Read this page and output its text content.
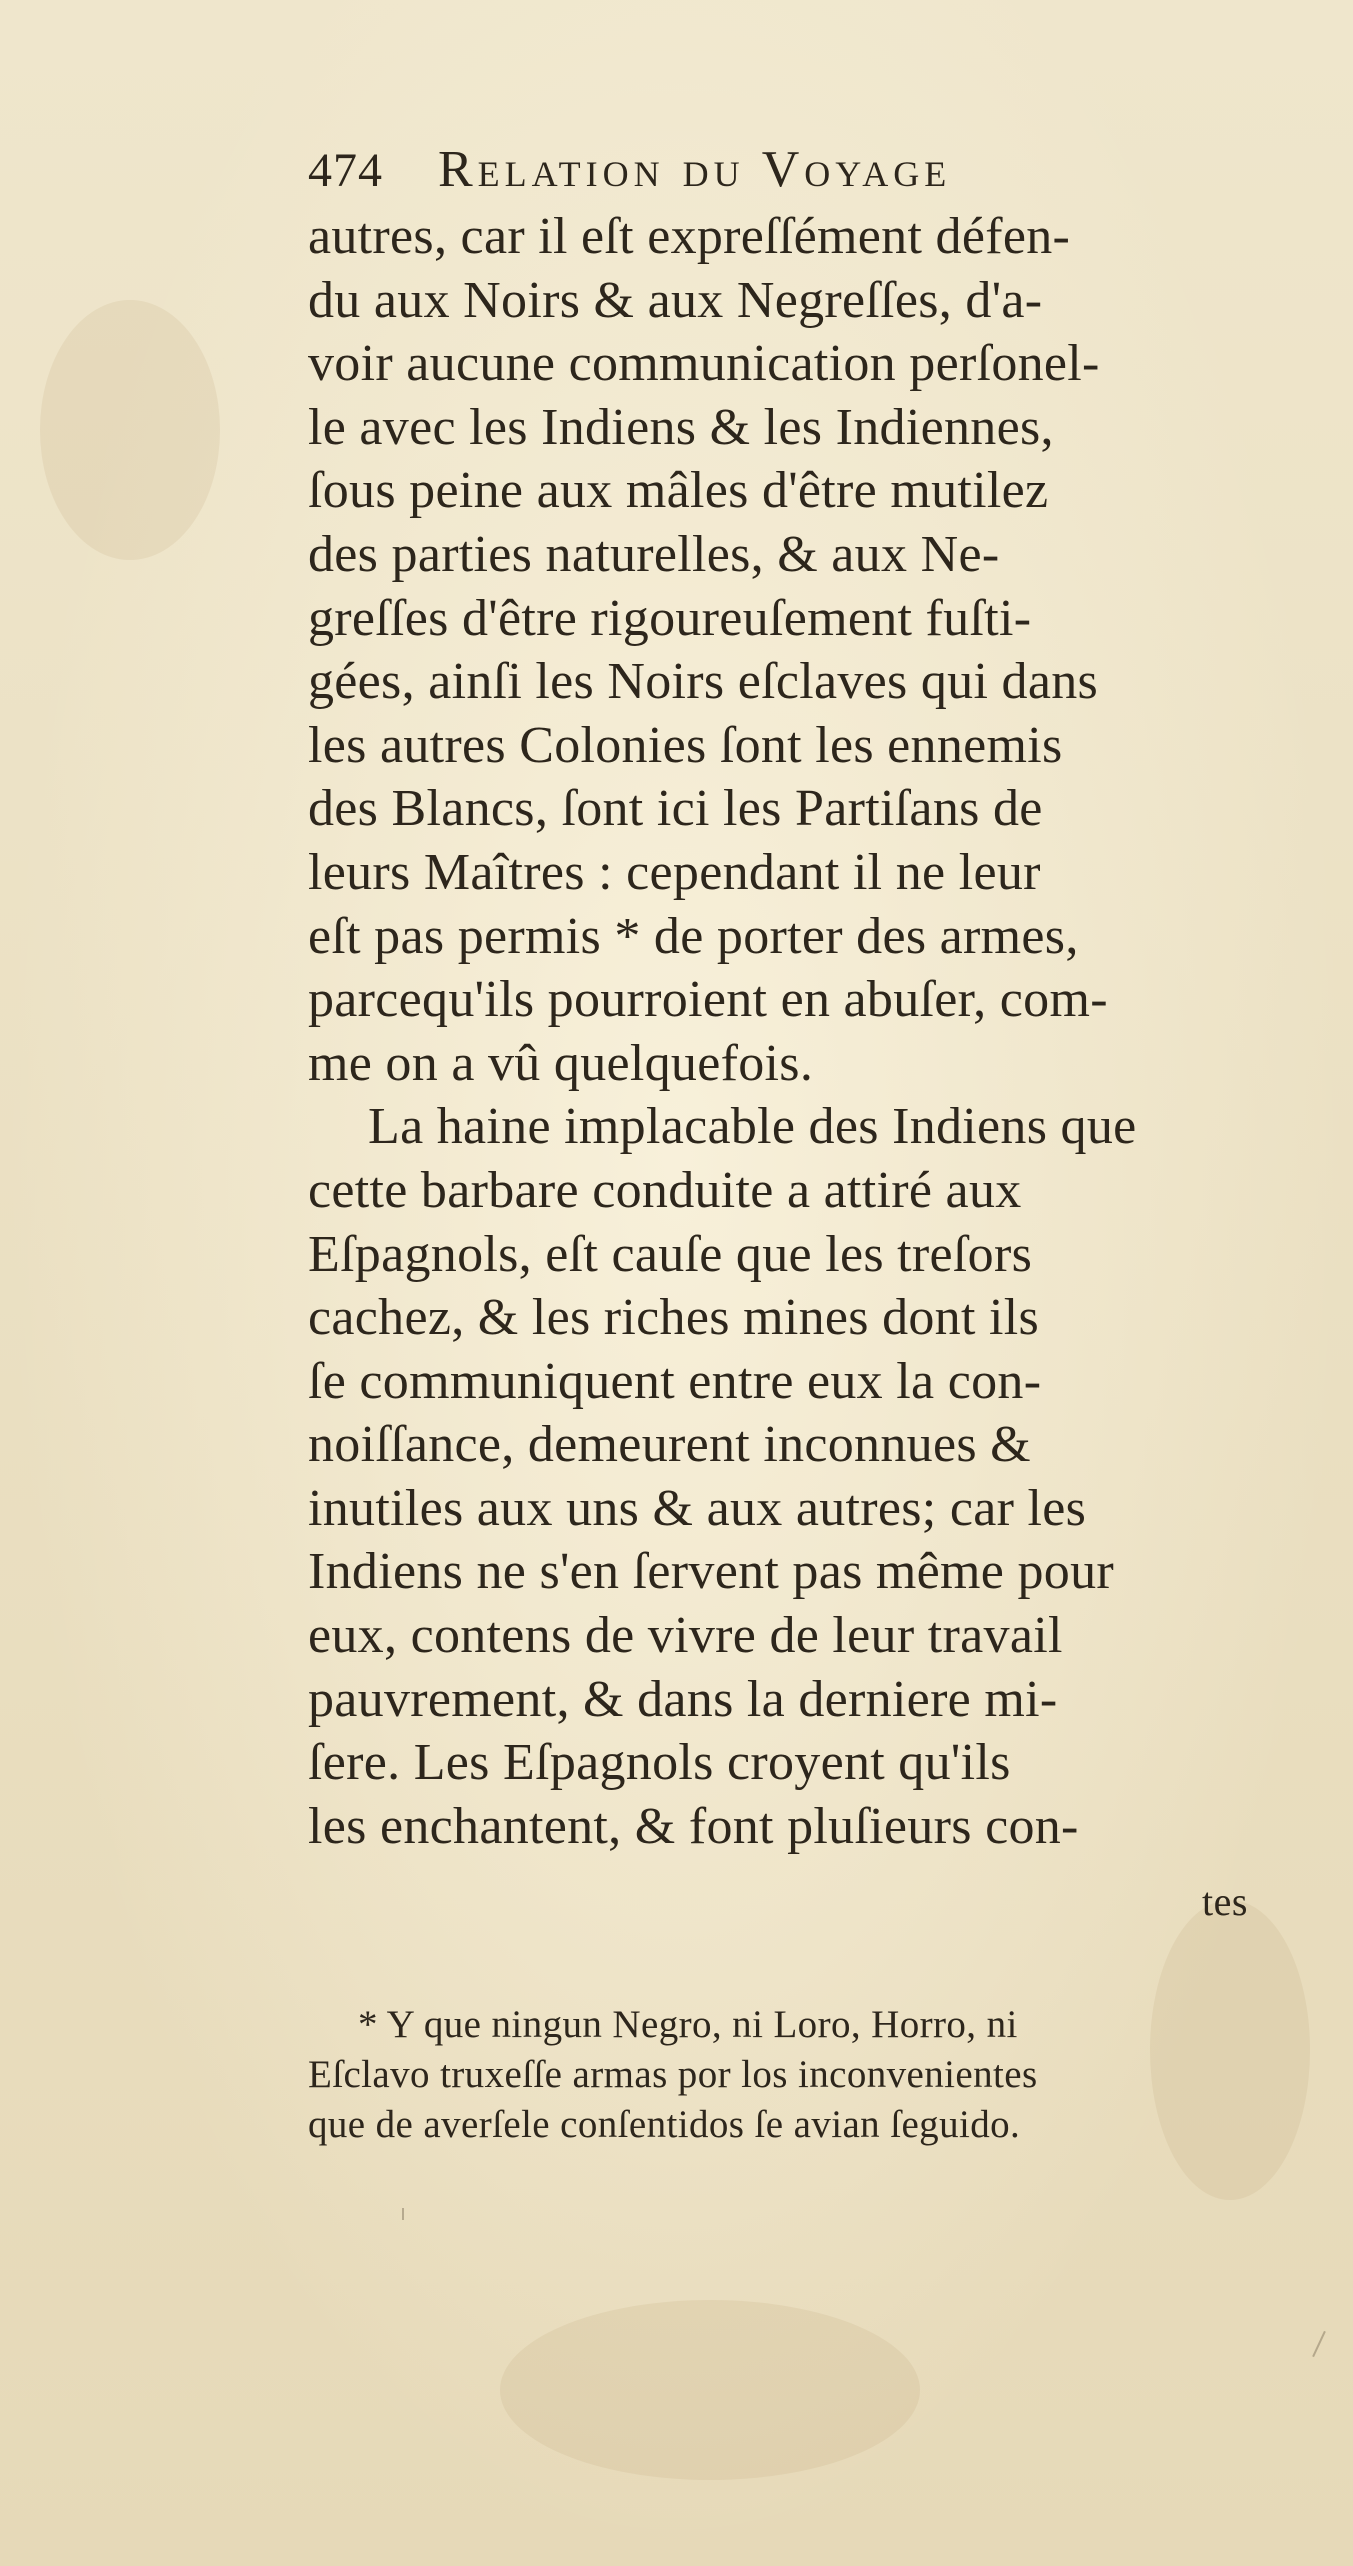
474	Relation du Voyage
autres, car il eſt expreſſément défen-
du aux Noirs & aux Negreſſes, d'a-
voir aucune communication perſonel-
le avec les Indiens & les Indiennes,
ſous peine aux mâles d'être mutilez
des parties naturelles, & aux Ne-
greſſes d'être rigoureuſement fuſti-
gées, ainſi les Noirs eſclaves qui dans
les autres Colonies ſont les ennemis
des Blancs, ſont ici les Partiſans de
leurs Maîtres : cependant il ne leur
eſt pas permis * de porter des armes,
parcequ'ils pourroient en abuſer, com-
me on a vû quelquefois.
La haine implacable des Indiens que
cette barbare conduite a attiré aux
Eſpagnols, eſt cauſe que les treſors
cachez, & les riches mines dont ils
ſe communiquent entre eux la con-
noiſſance, demeurent inconnues &
inutiles aux uns & aux autres; car les
Indiens ne s'en ſervent pas même pour
eux, contens de vivre de leur travail
pauvrement, & dans la derniere mi-
ſere. Les Eſpagnols croyent qu'ils
les enchantent, & font pluſieurs con-
tes
* Y que ningun Negro, ni Loro, Horro, ni
Eſclavo truxeſſe armas por los inconvenientes
que de averſele conſentidos ſe avian ſeguido.
